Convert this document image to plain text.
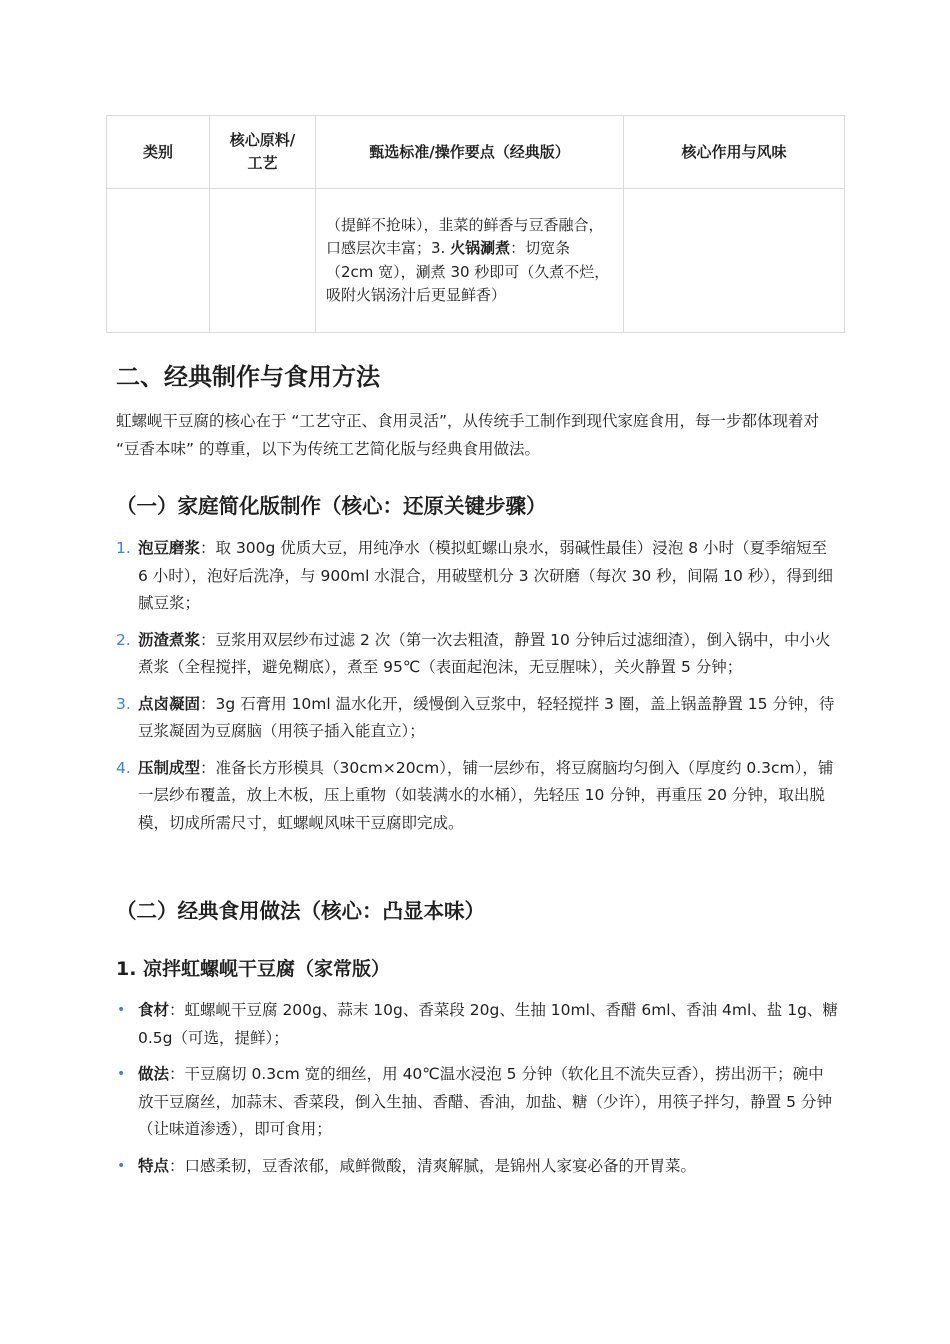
类别	核心原料/工艺	甄选标准/操作要点（经典版）	核心作用与风味

		（提鲜不抢味），韭菜的鲜香与豆香融合，口感层次丰富；3. 火锅涮煮：切宽条（2cm 宽），涮煮 30 秒即可（久煮不烂，吸附火锅汤汁后更显鲜香）	

二、经典制作与食用方法

虹螺岘干豆腐的核心在于 “工艺守正、食用灵活”，从传统手工制作到现代家庭食用，每一步都体现着对 “豆香本味” 的尊重，以下为传统工艺简化版与经典食用做法。

（一）家庭简化版制作（核心：还原关键步骤）
1. 泡豆磨浆：取 300g 优质大豆，用纯净水（模拟虹螺山泉水，弱碱性最佳）浸泡 8 小时（夏季缩短至 6 小时），泡好后洗净，与 900ml 水混合，用破壁机分 3 次研磨（每次 30 秒，间隔 10 秒），得到细腻豆浆；
2. 沥渣煮浆：豆浆用双层纱布过滤 2 次（第一次去粗渣，静置 10 分钟后过滤细渣），倒入锅中，中小火煮浆（全程搅拌，避免糊底），煮至 95℃（表面起泡沫，无豆腥味），关火静置 5 分钟；
3. 点卤凝固：3g 石膏用 10ml 温水化开，缓慢倒入豆浆中，轻轻搅拌 3 圈，盖上锅盖静置 15 分钟，待豆浆凝固为豆腐脑（用筷子插入能直立）；
4. 压制成型：准备长方形模具（30cm×20cm），铺一层纱布，将豆腐脑均匀倒入（厚度约 0.3cm），铺一层纱布覆盖，放上木板，压上重物（如装满水的水桶），先轻压 10 分钟，再重压 20 分钟，取出脱模，切成所需尺寸，虹螺岘风味干豆腐即完成。
（二）经典食用做法（核心：凸显本味）
1. 凉拌虹螺岘干豆腐（家常版）
• 食材：虹螺岘干豆腐 200g、蒜末 10g、香菜段 20g、生抽 10ml、香醋 6ml、香油 4ml、盐 1g、糖 0.5g（可选，提鲜）；
• 做法：干豆腐切 0.3cm 宽的细丝，用 40℃温水浸泡 5 分钟（软化且不流失豆香），捞出沥干；碗中放干豆腐丝，加蒜末、香菜段，倒入生抽、香醋、香油，加盐、糖（少许），用筷子拌匀，静置 5 分钟（让味道渗透），即可食用；
• 特点：口感柔韧，豆香浓郁，咸鲜微酸，清爽解腻，是锦州人家宴必备的开胃菜。
